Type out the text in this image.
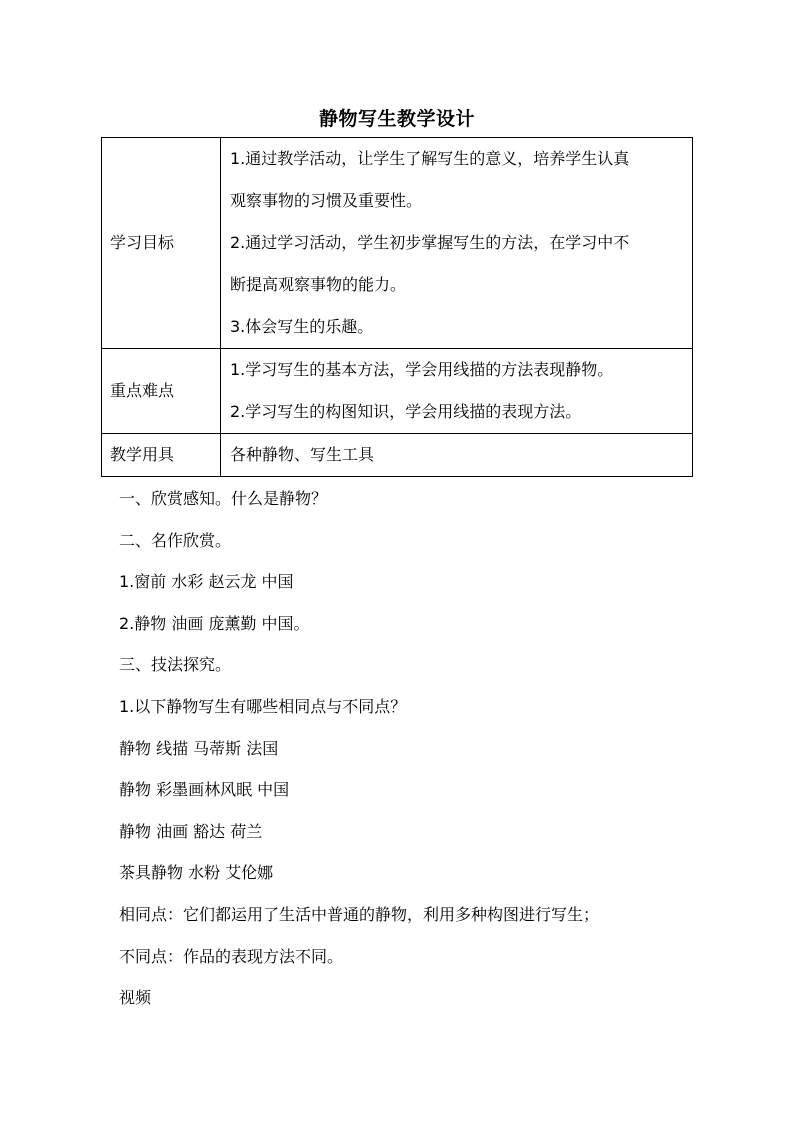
静物写生教学设计
学习目标	1.通过教学活动，让学生了解写生的意义，培养学生认真
观察事物的习惯及重要性。
2.通过学习活动，学生初步掌握写生的方法，在学习中不
断提高观察事物的能力。
3.体会写生的乐趣。

重点难点	1.学习写生的基本方法，学会用线描的方法表现静物。
2.学习写生的构图知识，学会用线描的表现方法。

教学用具	各种静物、写生工具
一、欣赏感知。什么是静物？
二、名作欣赏。
1.窗前 水彩 赵云龙 中国
2.静物 油画 庞薰勤 中国。
三、技法探究。
1.以下静物写生有哪些相同点与不同点？
静物 线描 马蒂斯 法国
静物 彩墨画林风眠 中国
静物 油画 豁达 荷兰
茶具静物 水粉 艾伦娜
相同点：它们都运用了生活中普通的静物，利用多种构图进行写生；
不同点：作品的表现方法不同。
视频
